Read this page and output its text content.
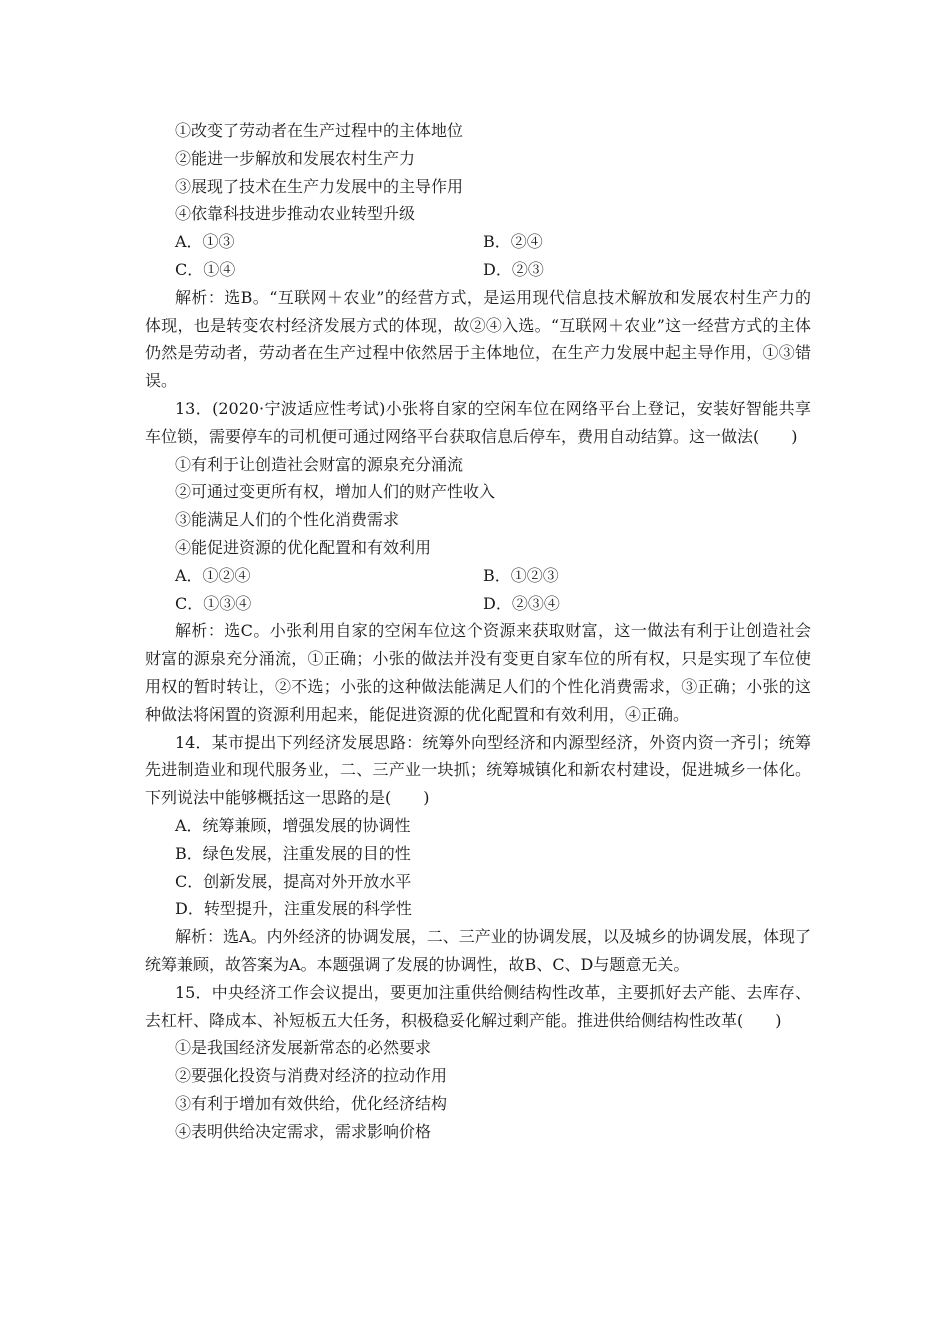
①改变了劳动者在生产过程中的主体地位
②能进一步解放和发展农村生产力
③展现了技术在生产力发展中的主导作用
④依靠科技进步推动农业转型升级
A．①③	B．②④
C．①④	D．②③
解析：选B。“互联网＋农业”的经营方式，是运用现代信息技术解放和发展农村生产力的体现，也是转变农村经济发展方式的体现，故②④入选。“互联网＋农业”这一经营方式的主体仍然是劳动者，劳动者在生产过程中依然居于主体地位，在生产力发展中起主导作用，①③错误。
13．(2020·宁波适应性考试)小张将自家的空闲车位在网络平台上登记，安装好智能共享车位锁，需要停车的司机便可通过网络平台获取信息后停车，费用自动结算。这一做法(　　)
①有利于让创造社会财富的源泉充分涌流
②可通过变更所有权，增加人们的财产性收入
③能满足人们的个性化消费需求
④能促进资源的优化配置和有效利用
A．①②④	B．①②③
C．①③④	D．②③④
解析：选C。小张利用自家的空闲车位这个资源来获取财富，这一做法有利于让创造社会财富的源泉充分涌流，①正确；小张的做法并没有变更自家车位的所有权，只是实现了车位使用权的暂时转让，②不选；小张的这种做法能满足人们的个性化消费需求，③正确；小张的这种做法将闲置的资源利用起来，能促进资源的优化配置和有效利用，④正确。
14．某市提出下列经济发展思路：统筹外向型经济和内源型经济，外资内资一齐引；统筹先进制造业和现代服务业，二、三产业一块抓；统筹城镇化和新农村建设，促进城乡一体化。下列说法中能够概括这一思路的是(　　)
A．统筹兼顾，增强发展的协调性
B．绿色发展，注重发展的目的性
C．创新发展，提高对外开放水平
D．转型提升，注重发展的科学性
解析：选A。内外经济的协调发展，二、三产业的协调发展，以及城乡的协调发展，体现了统筹兼顾，故答案为A。本题强调了发展的协调性，故B、C、D与题意无关。
15．中央经济工作会议提出，要更加注重供给侧结构性改革，主要抓好去产能、去库存、去杠杆、降成本、补短板五大任务，积极稳妥化解过剩产能。推进供给侧结构性改革(　　)
①是我国经济发展新常态的必然要求
②要强化投资与消费对经济的拉动作用
③有利于增加有效供给，优化经济结构
④表明供给决定需求，需求影响价格
